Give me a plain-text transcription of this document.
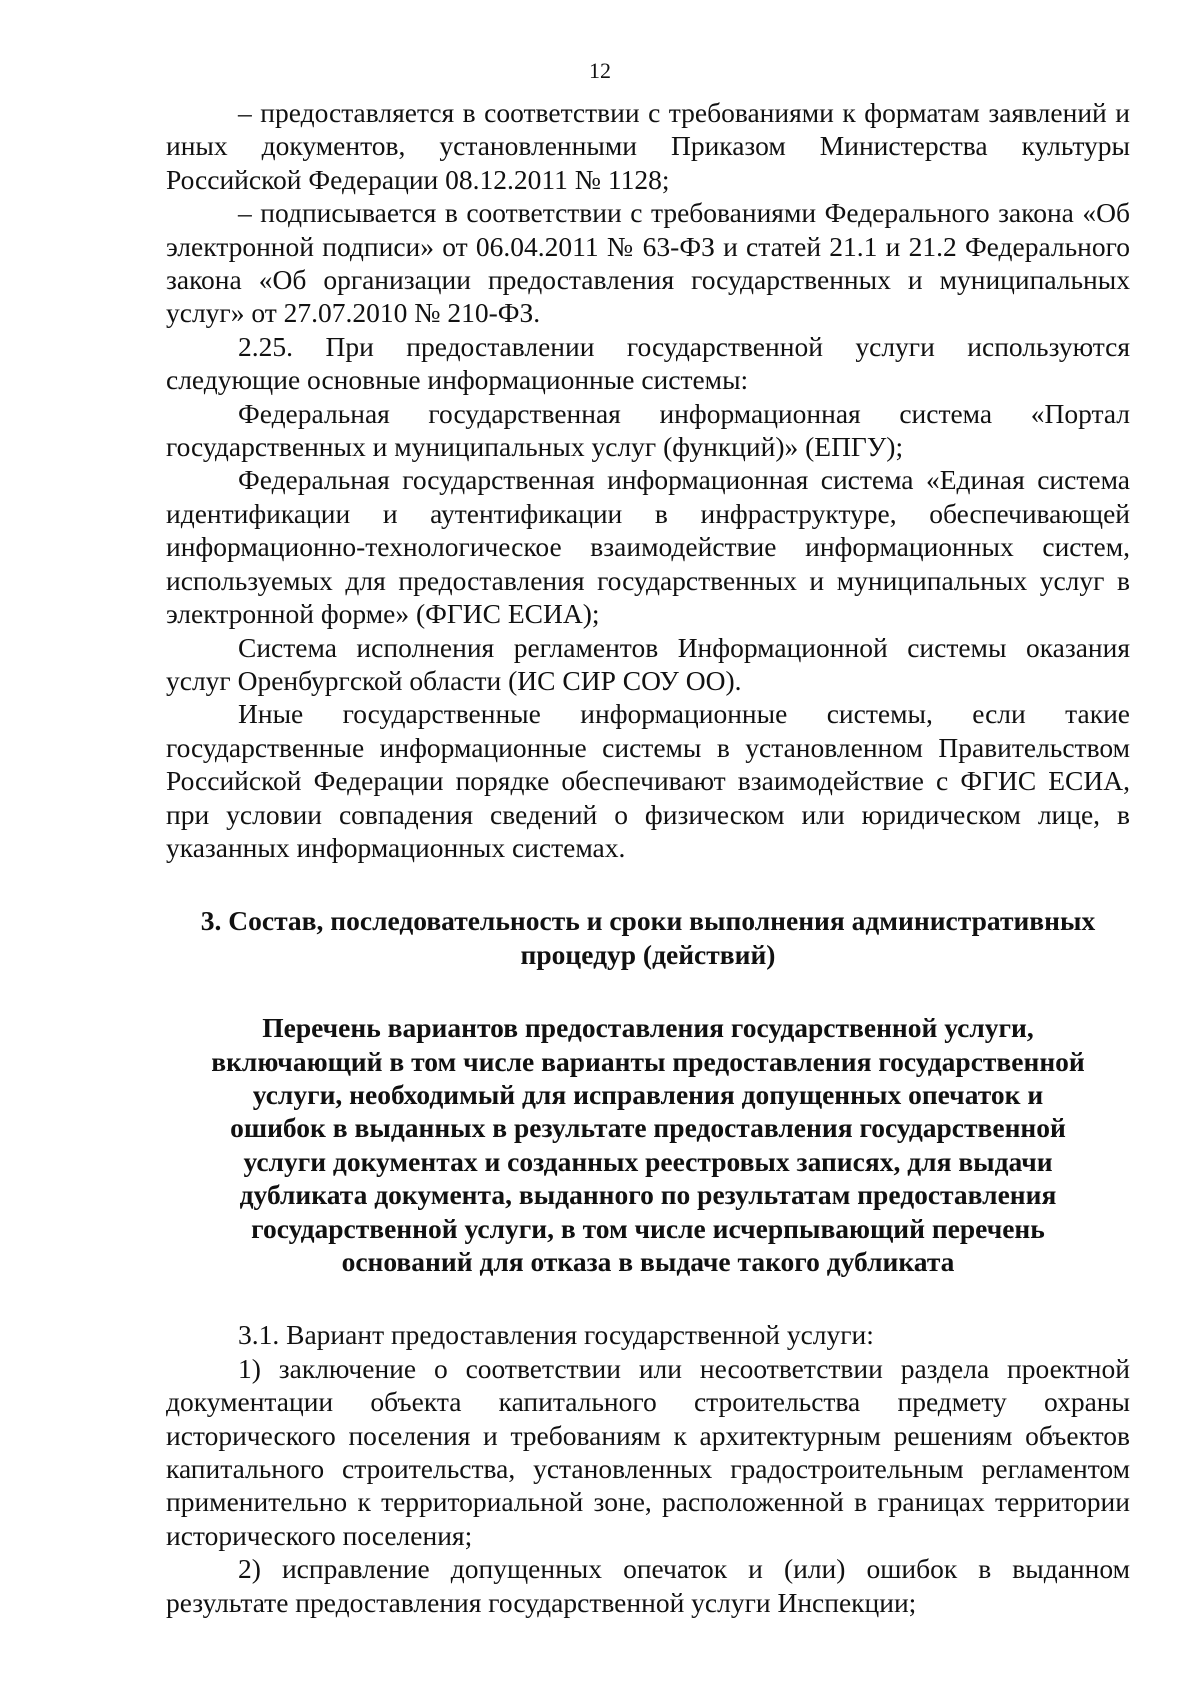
12

– предоставляется в соответствии с требованиями к форматам заявлений и иных документов, установленными Приказом Министерства культуры Российской Федерации 08.12.2011 № 1128;

– подписывается в соответствии с требованиями Федерального закона «Об электронной подписи» от 06.04.2011 № 63-ФЗ и статей 21.1 и 21.2 Федерального закона «Об организации предоставления государственных и муниципальных услуг» от 27.07.2010 № 210-ФЗ.

2.25. При предоставлении государственной услуги используются следующие основные информационные системы:

Федеральная государственная информационная система «Портал государственных и муниципальных услуг (функций)» (ЕПГУ);

Федеральная государственная информационная система «Единая система идентификации и аутентификации в инфраструктуре, обеспечивающей информационно-технологическое взаимодействие информационных систем, используемых для предоставления государственных и муниципальных услуг в электронной форме» (ФГИС ЕСИА);

Система исполнения регламентов Информационной системы оказания услуг Оренбургской области (ИС СИР СОУ ОО).

Иные государственные информационные системы, если такие государственные информационные системы в установленном Правительством Российской Федерации порядке обеспечивают взаимодействие с ФГИС ЕСИА, при условии совпадения сведений о физическом или юридическом лице, в указанных информационных системах.

3. Состав, последовательность и сроки выполнения административных процедур (действий)
Перечень вариантов предоставления государственной услуги, включающий в том числе варианты предоставления государственной услуги, необходимый для исправления допущенных опечаток и ошибок в выданных в результате предоставления государственной услуги документах и созданных реестровых записях, для выдачи дубликата документа, выданного по результатам предоставления государственной услуги, в том числе исчерпывающий перечень оснований для отказа в выдаче такого дубликата

3.1. Вариант предоставления государственной услуги:

1) заключение о соответствии или несоответствии раздела проектной документации объекта капитального строительства предмету охраны исторического поселения и требованиям к архитектурным решениям объектов капитального строительства, установленных градостроительным регламентом применительно к территориальной зоне, расположенной в границах территории исторического поселения;

2) исправление допущенных опечаток и (или) ошибок в выданном результате предоставления государственной услуги Инспекции;
